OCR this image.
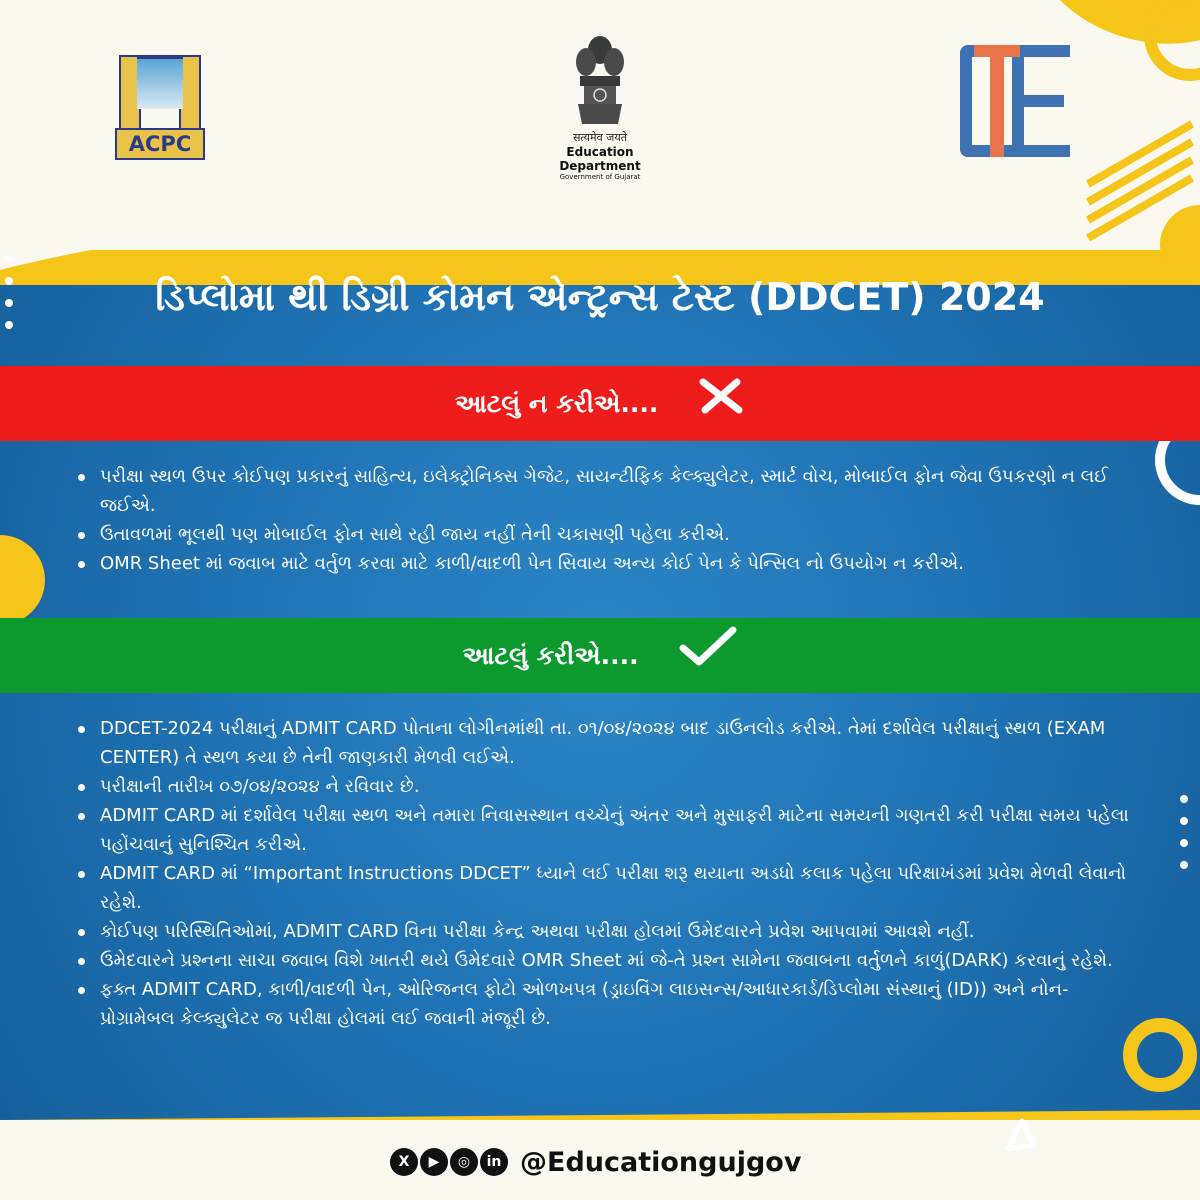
ACPC	सत्यमेव जयते
Education Department
Government of Gujarat
ડિપ્લોમા થી ડિગ્રી કોમન એન્ટ્રન્સ ટેસ્ટ (DDCET) 2024
આટલું ન કરીએ....
પરીક્ષા સ્થળ ઉપર કોઈપણ પ્રકારનું સાહિત્ય, ઇલેક્ટ્રોનિક્સ ગેજેટ, સાયન્ટીફિક કેલ્ક્યુલેટર, સ્માર્ટ વોચ, મોબાઈલ ફોન જેવા ઉપકરણો ન લઈ જઈએ.
ઉતાવળમાં ભૂલથી પણ મોબાઈલ ફોન સાથે રહી જાય નહીં તેની ચકાસણી પહેલા કરીએ.
OMR Sheet માં જવાબ માટે વર્તુળ કરવા માટે કાળી/વાદળી પેન સિવાય અન્ય કોઈ પેન કે પેન્સિલ નો ઉપયોગ ન કરીએ.
આટલું કરીએ....
DDCET-2024 પરીક્ષાનું ADMIT CARD પોતાના લોગીનમાંથી તા. ૦૧/૦૪/૨૦૨૪ બાદ ડાઉનલોડ કરીએ. તેમાં દર્શાવેલ પરીક્ષાનું સ્થળ (EXAM CENTER) તે સ્થળ કયા છે તેની જાણકારી મેળવી લઈએ.
પરીક્ષાની તારીખ ૦૭/૦૪/૨૦૨૪ ને રવિવાર છે.
ADMIT CARD માં દર્શાવેલ પરીક્ષા સ્થળ અને તમારા નિવાસસ્થાન વચ્ચેનું અંતર અને મુસાફરી માટેના સમયની ગણતરી કરી પરીક્ષા સમય પહેલા પહોંચવાનું સુનિશ્ચિત કરીએ.
ADMIT CARD માં “Important Instructions DDCET” ધ્યાને લઈ પરીક્ષા શરૂ થયાના અડધો કલાક પહેલા પરિક્ષાખંડમાં પ્રવેશ મેળવી લેવાનો રહેશે.
કોઈપણ પરિસ્થિતિઓમાં, ADMIT CARD વિના પરીક્ષા કેન્દ્ર અથવા પરીક્ષા હોલમાં ઉમેદવારને પ્રવેશ આપવામાં આવશે નહીં.
ઉમેદવારને પ્રશ્નના સાચા જવાબ વિશે ખાતરી થયે ઉમેદવારે OMR Sheet માં જે-તે પ્રશ્ન સામેના જવાબના વર્તુળને કાળું(DARK) કરવાનું રહેશે.
ફક્ત ADMIT CARD, કાળી/વાદળી પેન, ઓરિજનલ ફોટો ઓળખપત્ર (ડ્રાઇવિંગ લાઇસન્સ/આધારકાર્ડ/ડિપ્લોમા સંસ્થાનું (ID)) અને નોન-પ્રોગ્રામેબલ કેલ્ક્યુલેટર જ પરીક્ષા હોલમાં લઈ જવાની મંજૂરી છે.
X	▶	◎	in @Educationgujgov
